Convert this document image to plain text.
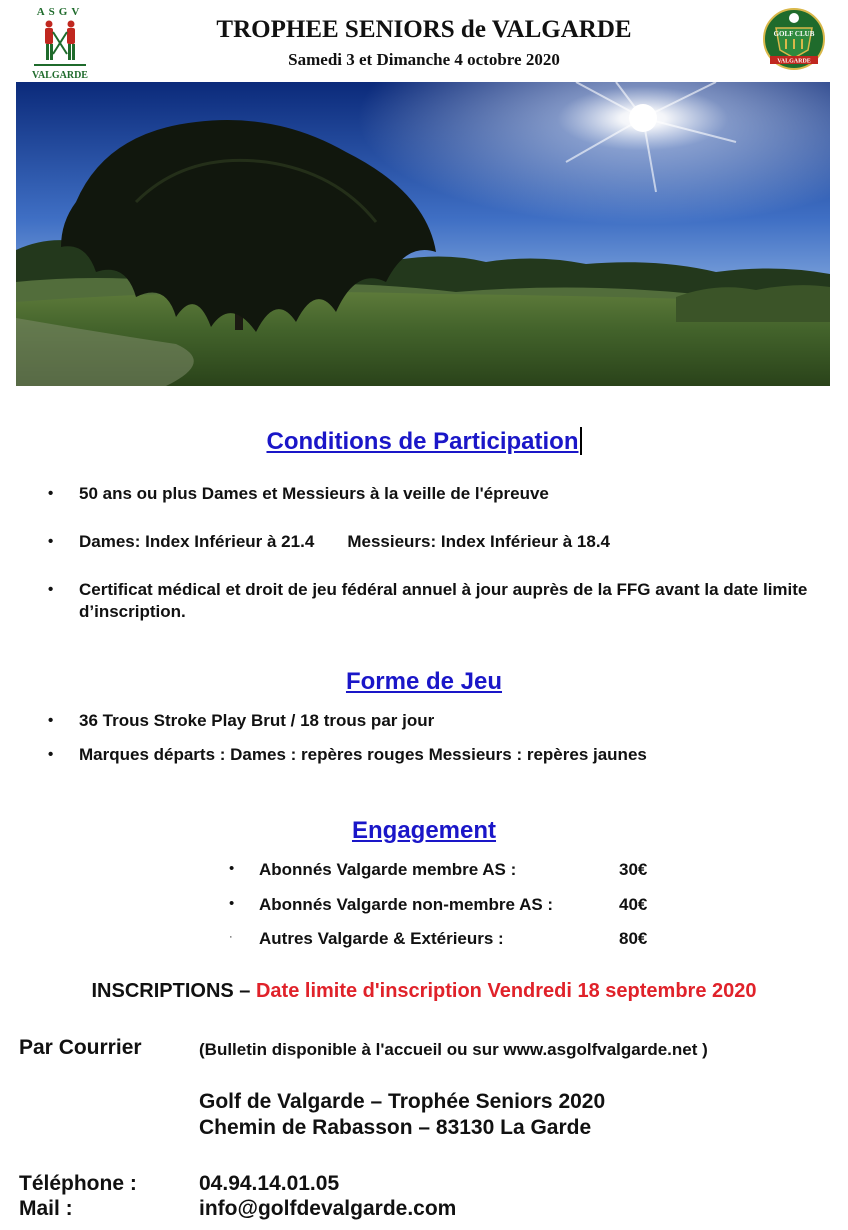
TROPHEE SENIORS de VALGARDE
Samedi 3 et Dimanche 4 octobre 2020
ASGV
VALGARDE
GOLF CLUB
VALGARDE
Conditions de Participation
• 50 ans ou plus Dames et Messieurs à la veille de l'épreuve
• Dames: Index Inférieur à 21.4       Messieurs: Index Inférieur à 18.4
• Certificat médical et droit de jeu fédéral annuel à jour auprès de la FFG avant la date limite d’inscription.
Forme de Jeu
• 36 Trous Stroke Play Brut / 18 trous par jour
• Marques départs : Dames : repères rouges Messieurs : repères jaunes
Engagement
• Abonnés Valgarde membre AS :	30€
• Abonnés Valgarde non-membre AS :	40€
· Autres Valgarde & Extérieurs :	80€
INSCRIPTIONS – Date limite d'inscription Vendredi 18 septembre 2020
Par Courrier	(Bulletin disponible à l'accueil ou sur www.asgolfvalgarde.net )
Golf de Valgarde – Trophée Seniors 2020
Chemin de Rabasson – 83130 La Garde
Téléphone :	04.94.14.01.05
Mail :	info@golfdevalgarde.com
